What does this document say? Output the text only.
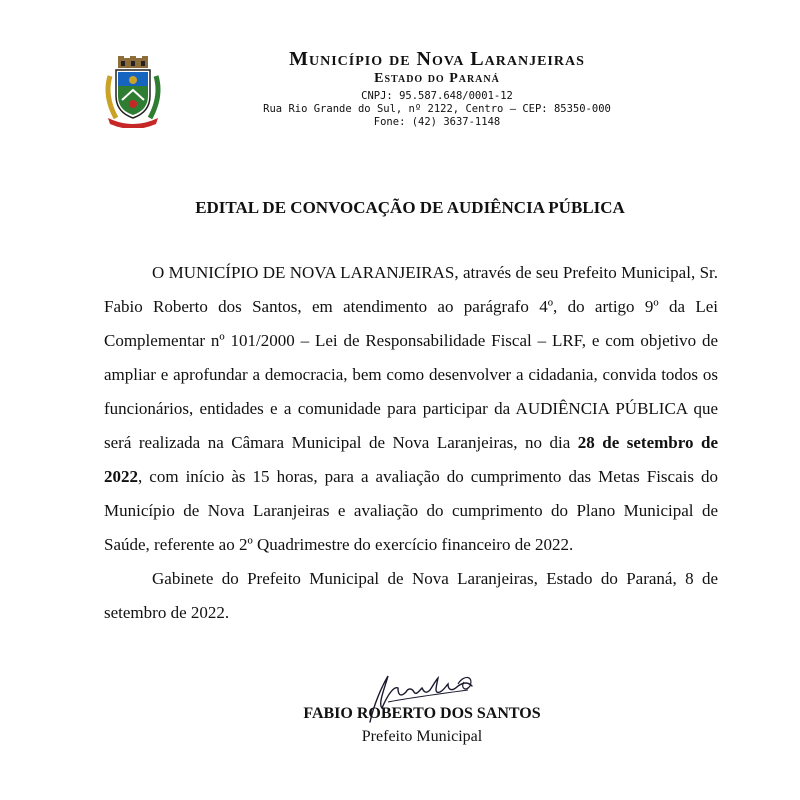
Município de Nova Laranjeiras
Estado do Paraná
CNPJ: 95.587.648/0001-12
Rua Rio Grande do Sul, nº 2122, Centro – CEP: 85350-000
Fone: (42) 3637-1148
EDITAL DE CONVOCAÇÃO DE AUDIÊNCIA PÚBLICA

O MUNICÍPIO DE NOVA LARANJEIRAS, através de seu Prefeito Municipal, Sr. Fabio Roberto dos Santos, em atendimento ao parágrafo 4º, do artigo 9º da Lei Complementar nº 101/2000 – Lei de Responsabilidade Fiscal – LRF, e com objetivo de ampliar e aprofundar a democracia, bem como desenvolver a cidadania, convida todos os funcionários, entidades e a comunidade para participar da AUDIÊNCIA PÚBLICA que será realizada na Câmara Municipal de Nova Laranjeiras, no dia 28 de setembro de 2022, com início às 15 horas, para a avaliação do cumprimento das Metas Fiscais do Município de Nova Laranjeiras e avaliação do cumprimento do Plano Municipal de Saúde, referente ao 2º Quadrimestre do exercício financeiro de 2022.

Gabinete do Prefeito Municipal de Nova Laranjeiras, Estado do Paraná, 8 de setembro de 2022.

FABIO ROBERTO DOS SANTOS
Prefeito Municipal
